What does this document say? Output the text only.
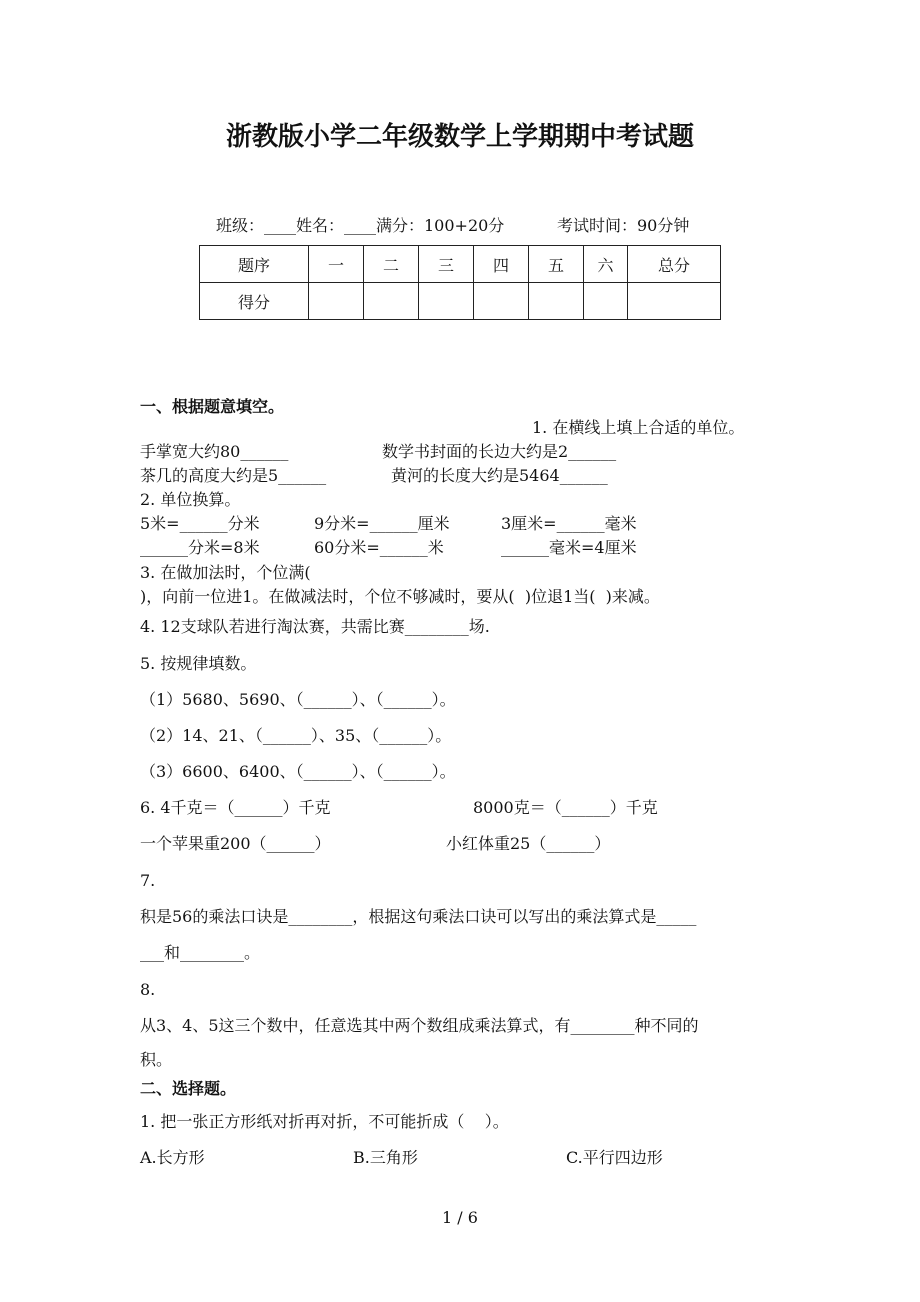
浙教版小学二年级数学上学期期中考试题
班级：____姓名：____满分：100+20分	考试时间：90分钟
题序	一	二	三	四	五	六	总分
得分							
一、根据题意填空。
1. 在横线上填上合适的单位。
手掌宽大约80______	数学书封面的长边大约是2______
茶几的高度大约是5______	黄河的长度大约是5464______
2. 单位换算。
5米=______分米	9分米=______厘米	3厘米=______毫米
______分米=8米	60分米=______米	______毫米=4厘米
3. 在做加法时，个位满(
)，向前一位进1。在做减法时，个位不够减时，要从(  )位退1当(  )来减。
4. 12支球队若进行淘汰赛，共需比赛________场.
5. 按规律填数。
（1）5680、5690、（______）、（______）。
（2）14、21、（______）、35、（______）。
（3）6600、6400、（______）、（______）。
6. 4千克＝（______）千克	8000克＝（______）千克
一个苹果重200（______）	小红体重25（______）
7.
积是56的乘法口诀是________，根据这句乘法口诀可以写出的乘法算式是_____
___和________。
8.
从3、4、5这三个数中，任意选其中两个数组成乘法算式，有________种不同的
积。
二、选择题。
1. 把一张正方形纸对折再对折，不可能折成（    ）。
A.长方形	B.三角形	C.平行四边形
1 / 6
